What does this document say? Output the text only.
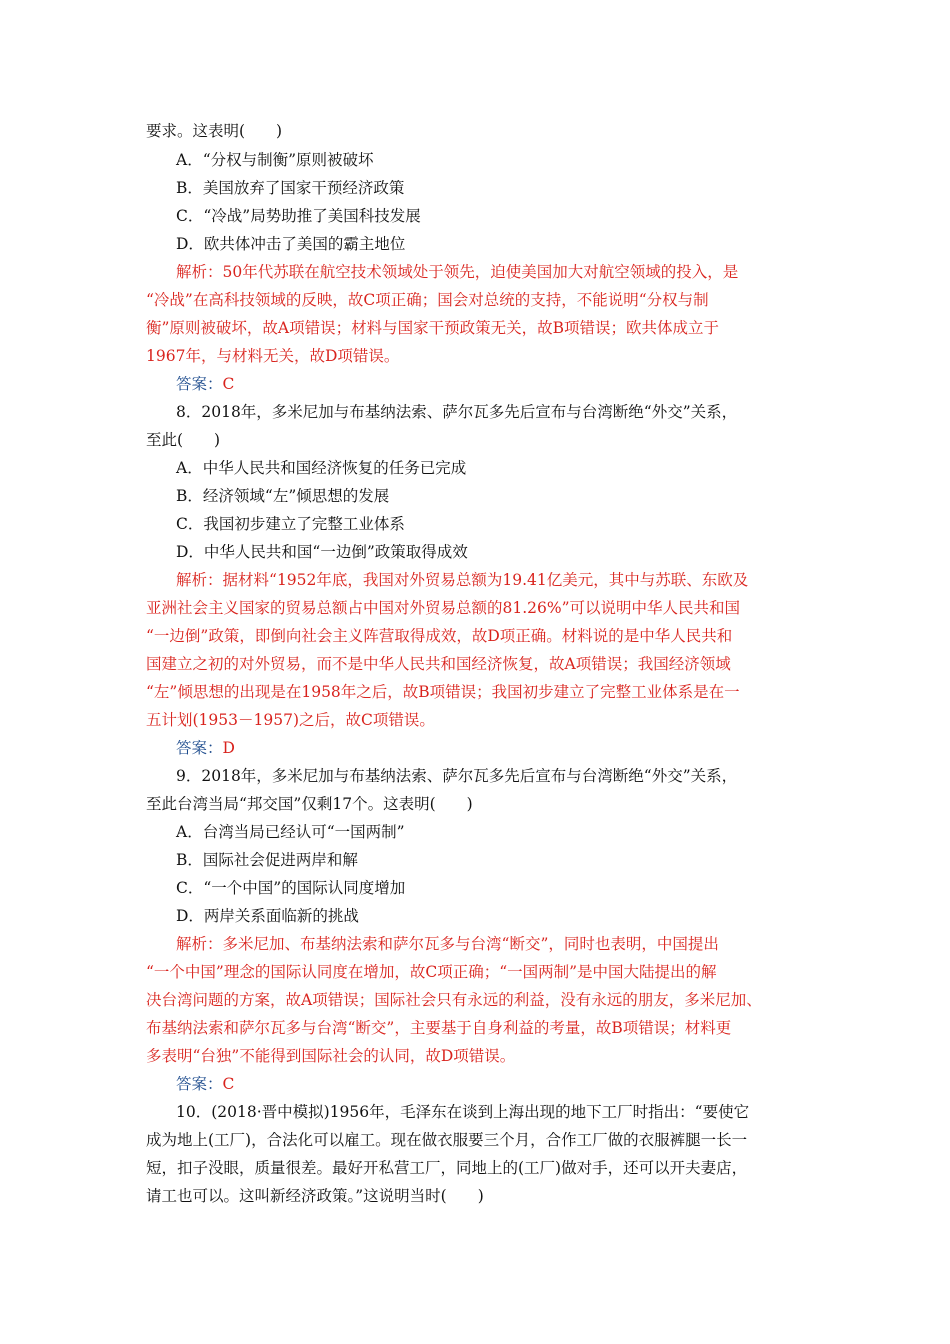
要求。这表明(　　)
A．“分权与制衡”原则被破坏
B．美国放弃了国家干预经济政策
C．“冷战”局势助推了美国科技发展
D．欧共体冲击了美国的霸主地位
解析：50年代苏联在航空技术领域处于领先，迫使美国加大对航空领域的投入，是
“冷战”在高科技领域的反映，故C项正确；国会对总统的支持，不能说明“分权与制
衡”原则被破坏，故A项错误；材料与国家干预政策无关，故B项错误；欧共体成立于
1967年，与材料无关，故D项错误。
答案：C
8．2018年，多米尼加与布基纳法索、萨尔瓦多先后宣布与台湾断绝“外交”关系，
至此(　　)
A．中华人民共和国经济恢复的任务已完成
B．经济领域“左”倾思想的发展
C．我国初步建立了完整工业体系
D．中华人民共和国“一边倒”政策取得成效
解析：据材料“1952年底，我国对外贸易总额为19.41亿美元，其中与苏联、东欧及
亚洲社会主义国家的贸易总额占中国对外贸易总额的81.26%”可以说明中华人民共和国
“一边倒”政策，即倒向社会主义阵营取得成效，故D项正确。材料说的是中华人民共和
国建立之初的对外贸易，而不是中华人民共和国经济恢复，故A项错误；我国经济领域
“左”倾思想的出现是在1958年之后，故B项错误；我国初步建立了完整工业体系是在一
五计划(1953－1957)之后，故C项错误。
答案：D
9．2018年，多米尼加与布基纳法索、萨尔瓦多先后宣布与台湾断绝“外交”关系，
至此台湾当局“邦交国”仅剩17个。这表明(　　)
A．台湾当局已经认可“一国两制”
B．国际社会促进两岸和解
C．“一个中国”的国际认同度增加
D．两岸关系面临新的挑战
解析：多米尼加、布基纳法索和萨尔瓦多与台湾“断交”，同时也表明，中国提出
“一个中国”理念的国际认同度在增加，故C项正确；“一国两制”是中国大陆提出的解
决台湾问题的方案，故A项错误；国际社会只有永远的利益，没有永远的朋友，多米尼加、
布基纳法索和萨尔瓦多与台湾“断交”，主要基于自身利益的考量，故B项错误；材料更
多表明“台独”不能得到国际社会的认同，故D项错误。
答案：C
10．(2018·晋中模拟)1956年，毛泽东在谈到上海出现的地下工厂时指出：“要使它
成为地上(工厂)，合法化可以雇工。现在做衣服要三个月，合作工厂做的衣服裤腿一长一
短，扣子没眼，质量很差。最好开私营工厂，同地上的(工厂)做对手，还可以开夫妻店，
请工也可以。这叫新经济政策。”这说明当时(　　)
